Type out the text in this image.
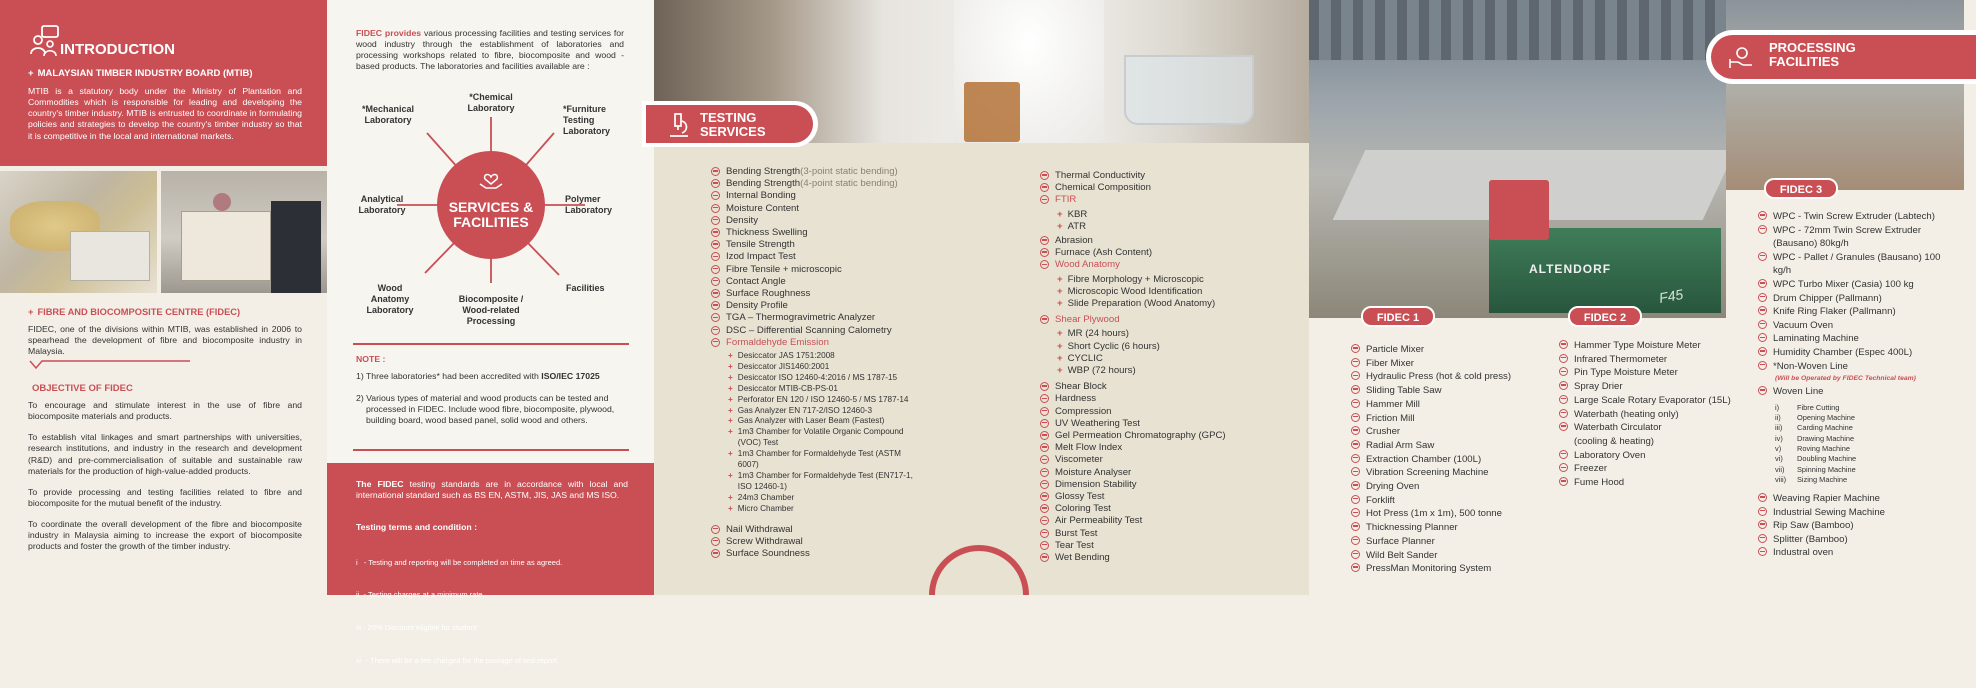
INTRODUCTION
+ MALAYSIAN TIMBER INDUSTRY BOARD (MTIB)

MTIB is a statutory body under the Ministry of Plantation and Commodities which is responsible for leading and developing the country's timber industry. MTIB is entrusted to coordinate in formulating policies and strategies to develop the country's timber industry so that it is competitive in the local and international markets.

+ FIBRE AND BIOCOMPOSITE CENTRE (FIDEC)

FIDEC, one of the divisions within MTIB, was established in 2006 to spearhead the development of fibre and biocomposite industry in Malaysia.

OBJECTIVE OF FIDEC

To encourage and stimulate interest in the use of fibre and biocomposite materials and products.

To establish vital linkages and smart partnerships with universities, research institutions, and industry in the research and development (R&D) and pre-commercialisation of suitable and sustainable raw materials for the production of high-value-added products.

To provide processing and testing facilities related to fibre and biocomposite for the mutual benefit of the industry.

To coordinate the overall development of the fibre and biocomposite industry in Malaysia aiming to increase the export of biocomposite products and foster the growth of the timber industry.

FIDEC provides various processing facilities and testing services for wood industry through the establishment of laboratories and processing workshops related to fibre, biocomposite and wood - based products. The laboratories and facilities available are :

SERVICES &
FACILITIES
*Mechanical Laboratory
*Chemical Laboratory	*Furniture Testing Laboratory
Analytical Laboratory
Polymer Laboratory
Wood Anatomy Laboratory
Biocomposite / Wood-related Processing
Facilities
NOTE :

1) Three laboratories* had been accredited with ISO/IEC 17025

2) Various types of material and wood products can be tested and processed in FIDEC. Include wood fibre, biocomposite, plywood, building board, wood based panel, solid wood and others.

The FIDEC testing standards are in accordance with local and international standard such as BS EN, ASTM, JIS, JAS and MS ISO.

Testing terms and condition :

i   - Testing and reporting will be completed on time as agreed.

ii  - Testing charges at a minimum rate.

iii - 20% Discount eligible for student

iv  - There will be a fee charged for the postage of test report.

TESTING
SERVICES
Bending Strength (3-point static bending)
Bending Strength (4-point static bending)
Internal Bonding
Moisture Content
Density
Thickness Swelling
Tensile Strength
Izod Impact Test
Fibre Tensile + microscopic
Contact Angle
Surface Roughness
Density Profile
TGA – Thermogravimetric Analyzer
DSC – Differential Scanning Calometry
Formaldehyde Emission
+ Desiccator JAS 1751:2008
+ Desiccator JIS1460:2001
+ Desiccator ISO 12460-4:2016 / MS 1787-15
+ Desiccator MTIB-CB-PS-01
+ Perforator EN 120 / ISO 12460-5 / MS 1787-14
+ Gas Analyzer EN 717-2/ISO 12460-3
+ Gas Analyzer with Laser Beam (Fastest)
+ 1m3 Chamber for Volatile Organic Compound (VOC) Test
+ 1m3 Chamber for Formaldehyde Test (ASTM 6007)
+ 1m3 Chamber for Formaldehyde Test (EN717-1, ISO 12460-1)
+ 24m3 Chamber
+ Micro Chamber
Nail Withdrawal
Screw Withdrawal
Surface Soundness
Thermal Conductivity
Chemical Composition
FTIR
+ KBR
+ ATR
Abrasion
Furnace (Ash Content)
Wood Anatomy
+ Fibre Morphology + Microscopic
+ Microscopic Wood Identification
+ Slide Preparation (Wood Anatomy)
Shear Plywood
+ MR (24 hours)
+ Short Cyclic (6 hours)
+ CYCLIC
+ WBP (72 hours)
Shear Block
Hardness
Compression
UV Weathering Test
Gel Permeation Chromatography (GPC)
Melt Flow Index
Viscometer
Moisture Analyser
Dimension Stability
Glossy Test
Coloring Test
Air Permeability Test
Burst Test
Tear Test
Wet Bending
ALTENDORF
F45
PROCESSING
FACILITIES
FIDEC 1	FIDEC 2
FIDEC 3
Particle Mixer
Fiber Mixer
Hydraulic Press (hot & cold press)
Sliding Table Saw
Hammer Mill
Friction Mill
Crusher
Radial Arm Saw
Extraction Chamber (100L)
Vibration Screening Machine
Drying Oven
Forklift
Hot Press (1m x 1m), 500 tonne
Thicknessing Planner
Surface Planner
Wild Belt Sander
PressMan Monitoring System
Hammer Type Moisture Meter
Infrared Thermometer
Pin Type Moisture Meter
Spray Drier
Large Scale Rotary Evaporator (15L)
Waterbath (heating only)
Waterbath Circulator
(cooling & heating)
Laboratory Oven
Freezer
Fume Hood
WPC - Twin Screw Extruder (Labtech)
WPC - 72mm Twin Screw Extruder (Bausano) 80kg/h
WPC - Pallet / Granules (Bausano) 100 kg/h
WPC Turbo Mixer (Casia) 100 kg
Drum Chipper (Pallmann)
Knife Ring Flaker (Pallmann)
Vacuum Oven
Laminating Machine
Humidity Chamber (Espec 400L)
*Non-Woven Line
(Will be Operated by FIDEC Technical team)
Woven Line
i)	Fibre Cutting
ii)	Opening Machine
iii)	Carding Machine
iv)	Drawing Machine
v)	Roving Machine
vi)	Doubling Machine
vii)	Spinning Machine
viii)	Sizing Machine
Weaving Rapier Machine
Industrial Sewing Machine
Rip Saw (Bamboo)
Splitter (Bamboo)
Industral oven
